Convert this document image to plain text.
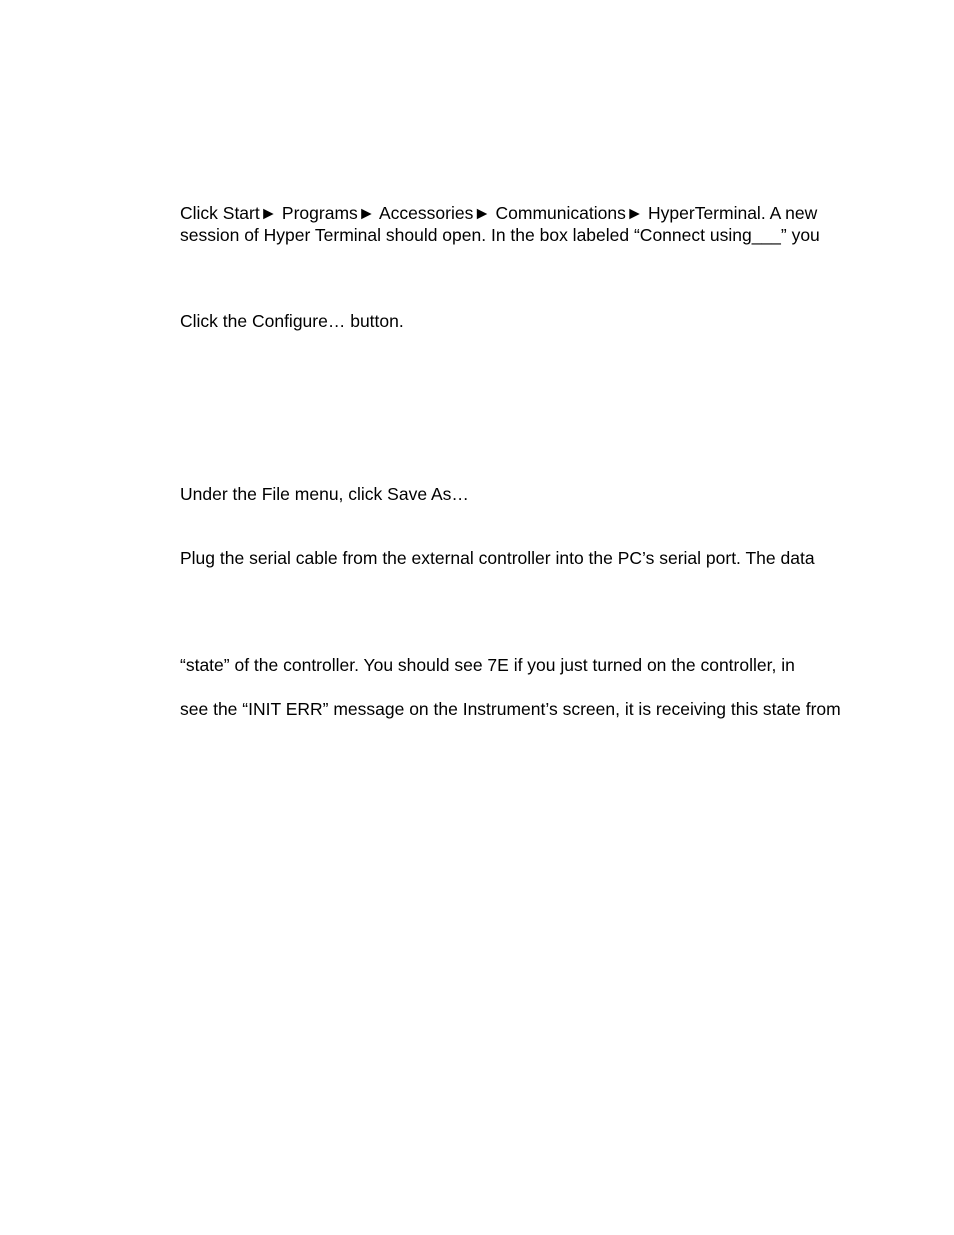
Click Start► Programs► Accessories► Communications► HyperTerminal. A new
session of Hyper Terminal should open. In the box labeled “Connect using___” you
Click the Configure… button.
Under the File menu, click Save As…
Plug the serial cable from the external controller into the PC’s serial port. The data
“state” of the controller. You should see 7E if you just turned on the controller, in
see the “INIT ERR” message on the Instrument’s screen, it is receiving this state from
